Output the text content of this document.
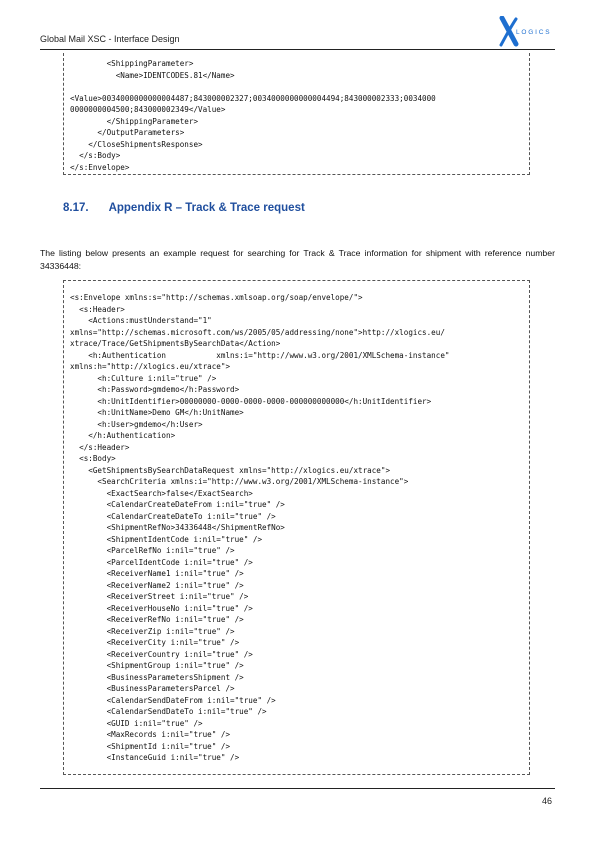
Global Mail XSC - Interface Design
LOGICS
<ShippingParameter>
<Name>IDENTCODES.81</Name>

<Value>0034000000000004487;843000002327;0034000000000004494;843000002333;0034000
0000000004500;843000002349</Value>
</ShippingParameter>
</OutputParameters>
</CloseShipmentsResponse>
</s:Body>
</s:Envelope>
8.17. Appendix R – Track & Trace request
The listing below presents an example request for searching for Track & Trace information for shipment with reference number 34336448:
<s:Envelope xmlns:s="http://schemas.xmlsoap.org/soap/envelope/">
<s:Header>
<Actions:mustUnderstand="1"
xmlns="http://schemas.microsoft.com/ws/2005/05/addressing/none">http://xlogics.eu/
xtrace/Trace/GetShipmentsBySearchData</Action>
<h:Authentication           xmlns:i="http://www.w3.org/2001/XMLSchema-instance"
xmlns:h="http://xlogics.eu/xtrace">
<h:Culture i:nil="true" />
<h:Password>gmdemo</h:Password>
<h:UnitIdentifier>00000000-0000-0000-0000-000000000000</h:UnitIdentifier>
<h:UnitName>Demo GM</h:UnitName>
<h:User>gmdemo</h:User>
</h:Authentication>
</s:Header>
<s:Body>
<GetShipmentsBySearchDataRequest xmlns="http://xlogics.eu/xtrace">
<SearchCriteria xmlns:i="http://www.w3.org/2001/XMLSchema-instance">
<ExactSearch>false</ExactSearch>
<CalendarCreateDateFrom i:nil="true" />
<CalendarCreateDateTo i:nil="true" />
<ShipmentRefNo>34336448</ShipmentRefNo>
<ShipmentIdentCode i:nil="true" />
<ParcelRefNo i:nil="true" />
<ParcelIdentCode i:nil="true" />
<ReceiverName1 i:nil="true" />
<ReceiverName2 i:nil="true" />
<ReceiverStreet i:nil="true" />
<ReceiverHouseNo i:nil="true" />
<ReceiverRefNo i:nil="true" />
<ReceiverZip i:nil="true" />
<ReceiverCity i:nil="true" />
<ReceiverCountry i:nil="true" />
<ShipmentGroup i:nil="true" />
<BusinessParametersShipment />
<BusinessParametersParcel />
<CalendarSendDateFrom i:nil="true" />
<CalendarSendDateTo i:nil="true" />
<GUID i:nil="true" />
<MaxRecords i:nil="true" />
<ShipmentId i:nil="true" />
<InstanceGuid i:nil="true" />
46
